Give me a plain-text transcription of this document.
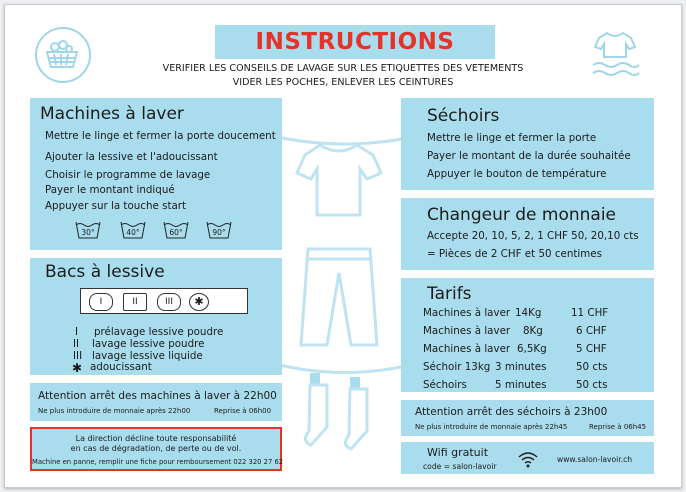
INSTRUCTIONS
VERIFIER LES CONSEILS DE LAVAGE SUR LES ETIQUETTES DES VETEMENTS
VIDER LES POCHES, ENLEVER LES CEINTURES
Machines à laver
Mettre le linge et fermer la porte doucement
Ajouter la lessive et l'adoucissant
Choisir le programme de lavage
Payer le montant indiqué
Appuyer sur la touche start
30°	40°	60°	90°
Bacs à lessive
I	II	III	✱
I prélavage lessive poudre
II lavage lessive poudre
III lavage lessive liquide
✱ adoucissant
Attention arrêt des machines à laver à 22h00
Ne plus introduire de monnaie après 22h00	Reprise à 06h00
La direction décline toute responsabilité
en cas de dégradation, de perte ou de vol.
Machine en panne, remplir une fiche pour remboursement 022 320 27 62
Séchoirs
Mettre le linge et fermer la porte
Payer le montant de la durée souhaitée
Appuyer le bouton de température
Changeur de monnaie
Accepte 20, 10, 5, 2, 1 CHF 50, 20,10 cts
= Pièces de 2 CHF et 50 centimes
Tarifs
Machines à laver 14Kg	11 CHF
Machines à laver 8Kg	6 CHF
Machines à laver 6,5Kg	5 CHF
Séchoir 13kg 3 minutes	50 cts
Séchoirs	5 minutes	50 cts
Attention arrêt des séchoirs à 23h00
Ne plus introduire de monnaie après 22h45	Reprise à 06h45
Wifi gratuit
code = salon-lavoir
www.salon-lavoir.ch
